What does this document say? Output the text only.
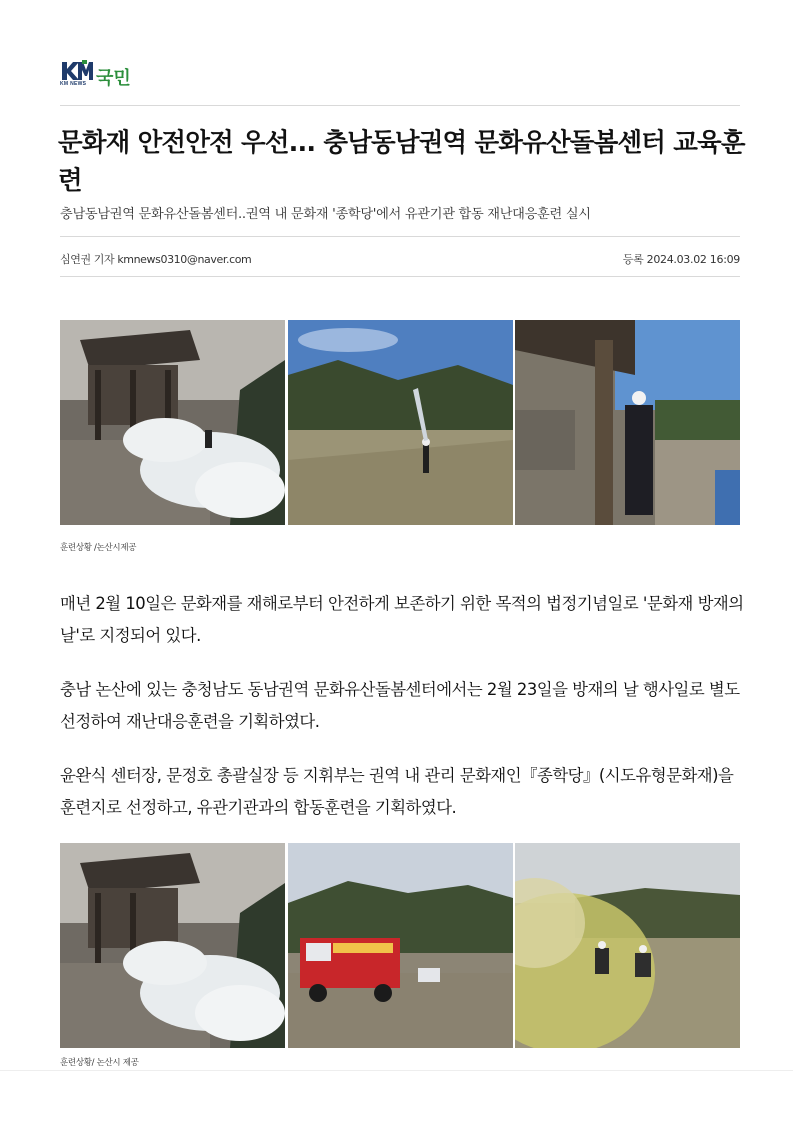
KM NEWS 국민
문화재 안전안전 우선... 충남동남권역 문화유산돌봄센터 교육훈련

충남동남권역 문화유산돌봄센터..권역 내 문화재 '종학당'에서 유관기관 합동 재난대응훈련 실시

심연권 기자 kmnews0310@naver.com	등록 2024.03.02 16:09
훈련상황 /논산시제공

매년 2월 10일은 문화재를 재해로부터 안전하게 보존하기 위한 목적의 법정기념일로 '문화재 방재의 날'로 지정되어 있다.

충남 논산에 있는 충청남도 동남권역 문화유산돌봄센터에서는 2월 23일을 방재의 날 행사일로 별도 선정하여 재난대응훈련을 기획하였다.

윤완식 센터장, 문정호 총괄실장 등 지휘부는 권역 내 관리 문화재인『종학당』(시도유형문화재)을 훈련지로 선정하고, 유관기관과의 합동훈련을 기획하였다.

훈련상황/ 논산시 제공
